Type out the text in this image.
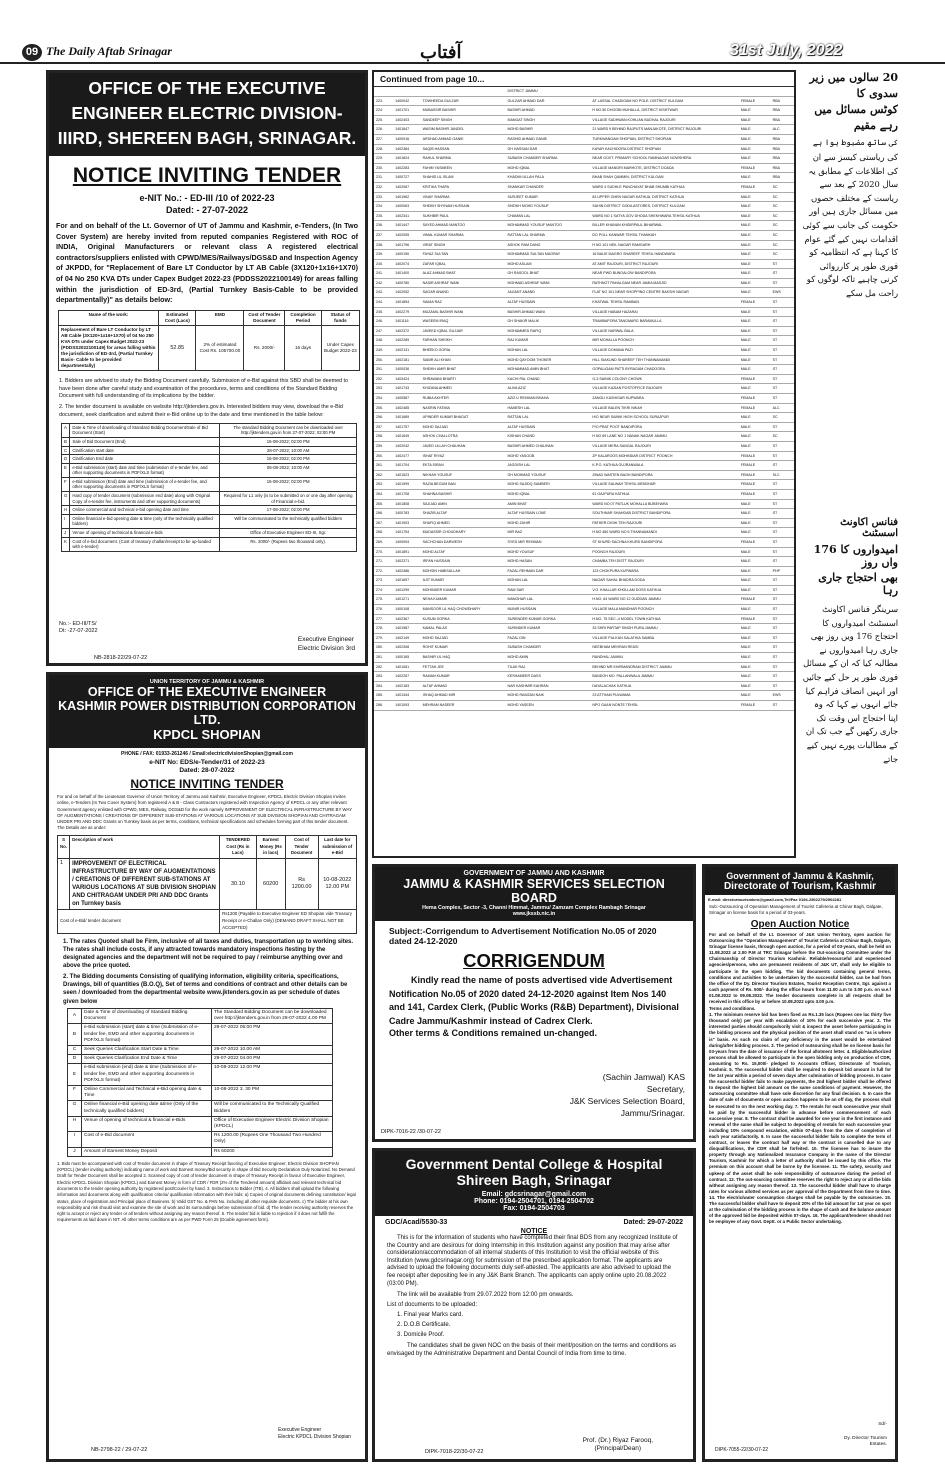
09 The Daily Aftab Srinagar	آفتاب	31st July, 2022
OFFICE OF THE EXECUTIVE ENGINEER ELECTRIC DIVISION-IIIRD, SHEREEN BAGH, SRINAGAR.
NOTICE INVITING TENDER
e-NIT No.: - ED-III /10 of 2022-23
Dated: - 27-07-2022
For and on behalf of the Lt. Governor of UT of Jammu and Kashmir, e-Tenders, (In Two Cover System) are hereby invited from reputed companies Registered with ROC of INDIA, Original Manufacturers or relevant class A registered electrical contractors/suppliers enlisted with CPWD/MES/Railways/DGS&D and Inspection Agency of JKPDD, for "Replacement of Bare LT Conductor by LT AB Cable (3X120+1x16+1X70) of 04 No 250 KVA DTs under Capex Budget 2022-23 (PDDSS2022100149) for areas falling within the jurisdiction of ED-3rd, (Partial Turnkey Basis-Cable to be provided departmentally)" as details below:
Name of the work:	Estimated Cost (Lacs)	EMD	Cost of Tender Document	Completion Period	Status of funds
Replacement of Bare LT Conductor by LT AB Cable (3X120+1x16+1X70) of 04 No 250 KVA DTs under Capex Budget 2022-23 (PDDSS2022100149) for areas falling within the jurisdiction of ED-3rd, (Partial Turnkey Basis- Cable to be provided departmentally)	52.85	2% of estimated Cost Rs. 105700.00	Rs. 2000/-	15 days	Under Capex Budget 2022-23
1. Bidders are advised to study the Bidding Document carefully. Submission of e-Bid against this SBD shall be deemed to have been done after careful study and examination of the procedures, terms and conditions of the Standard Bidding Document with full understanding of its implications by the bidder.
2. The tender document is available on website http://jktenders.gov.in. Interested bidders may view, download the e-Bid document, seek clarification and submit their e-Bid online up to the date and time mentioned in the table below:
A	Date & Time of downloading of Standard Bidding Document/Sale of Bid Document (Start)	The standard Bidding Document can be downloaded over http://jktenders.gov.in from 27-07-2022; 02:00 PM
B	Sale of Bid Document (End)	16-08-2022; 02:00 PM
C	Clarification start date	28-07-2022; 10:00 AM
D	Clarification End date	16-08-2022; 02:00 PM
E	e-Bid submission (start) date and time (submission of e-tender fee, and other supporting documents in PDF/XLS format)	06-08-2022; 10:00 AM
F	e-Bid submission (End) date and time (submission of e-tender fee, and other supporting documents in PDF/XLS format)	16-08-2022; 02:00 PM
G	Hard copy of tender document (submission end date) along with Original Copy of e-tender fee, instruments and other supporting documents)	Required for L1 only (is to be submitted on or one day after opening of Financial e-bid.
H	Online commercial and technical e-bid opening date and time	17-08-2022; 02:00 PM
I	Online financial e-bid opening date & time (only of the technically qualified bidders)	Will be communicated to the technically qualified bidders
J	Venue of opening of technical & financial e-bids	Office of Executive Engineer ED-III, Sgr.
K	Cost of e-bid document. (Cost of treasury challan/receipt to be up-loaded with e-tender)	Rs. 2000/- (Rupees two thousand only).
No.:- ED-III/TS/
Dt: -27-07-2022
Executive Engineer
Electric Division 3rd
NB-2818-22/29-07-22
UNION TERRITORY OF JAMMU & KASHMIR
OFFICE OF THE EXECUTIVE ENGINEER
KASHMIR POWER DISTRIBUTION CORPORATION LTD.
KPDCL SHOPIAN
PHONE / FAX: 01933-261246 / Email:electricdivisionShopian@gmail.com
e-NIT No: EDS/e-Tender/31 of 2022-23
Dated: 28-07-2022
NOTICE INVITING TENDER
For and on behalf of the Lieutenant Governor of Union Territory of Jammu and Kashmir, Executive Engineer, KPDCL Electric Division Shopian invites online, e-Tenders (In Two Cover System) from registered A & B - Class Contractors registered with Inspection Agency of KPDCL or any other relevant Government agency enlisted with CPWD, MES, Railway, DGS&D for the work namely IMPROVEMENT OF ELECTRICAL INFRASTRUCTURE BY WAY OF AUGMENTATIONS / CREATIONS OF DIFFERENT SUB-STATIONS AT VARIOUS LOCATIONS AT SUB DIVISION SHOPIAN AND CHITRAGAM UNDER PRI AND DDC Grants on Turnkey basis as per terms, conditions, technical specifications and schedules forming part of this tender document. The Details are as under:
S No.	Description of work	TENDERED Cost (Rs in Lacs)	Earnest Money (Rs in lacs)	Cost of Tender Document	Last date for submission of e-Bid
1	IMPROVEMENT OF ELECTRICAL INFRASTRUCTURE BY WAY OF AUGMENTATIONS / CREATIONS OF DIFFERENT SUB-STATIONS AT VARIOUS LOCATIONS AT SUB DIVISION SHOPIAN AND CHITRAGAM UNDER PRI AND DDC Grants on Turnkey basis	30.10	60200	Rs 1200.00	10-08-2022 12.00 PM
Cost of e-Bid/ tender document		Rs1200 (Payable to Executive Engineer ED Shopian vide Treasury Receipt or e-Challan Only) (DEMAND DRAFT SHALL NOT BE ACCEPTED)			
1. The rates Quoted shall be Firm, inclusive of all taxes and duties, transportation up to working sites. The rates shall include costs, if any attracted towards mandatory inspections /testing by the designated agencies and the department will not be required to pay / reimburse anything over and above the price quoted.
2. The Bidding documents Consisting of qualifying information, eligibility criteria, specifications, Drawings, bill of quantities (B.O.Q), Set of terms and conditions of contract and other details can be seen / downloaded from the departmental website www.jktenders.gov.in as per schedule of dates given below
A	Date & Time of downloading of Standard Bidding Document	The Standard Bidding Document can be downloaded over http://jktenders.gov.in from 28-07-2022 4.00 PM
B	e-Bid submission (start) date & time (Submission of e-tender fee, EMD and other supporting documents in PDF/XLS format)	29-07-2022 05:00 PM
C	Seek Queries Clarification Start Date & Time	29-07-2022 10.00 AM
D	Seek Queries Clarification End Date & Time	29-07-2022 04.00 PM
E	e-Bid submission (end) date & time (Submission of e-tender fee, EMD and other supporting documents in PDF/XLS format)	10-08-2022 12.00 PM
F	Online Commercial and Technical e-Bid opening date & Time	10-08-2022 3. 30 PM
G	Online financial e-Bid opening date &time (Only of the technically qualified bidders)	Will be communicated to the Technically Qualified Bidders
H	Venue of opening of technical & financial e-Bids	Office of Executive Engineer Electric Division Shopian (KPDCL)
I	Cost of e-Bid document	Rs 1200.00 (Rupees One Thousand Two Hundred Only)
J	Amount of Earnest Money Deposit	Rs 60200
1. Bids must be accompanied with cost of Tender document in shape of Treasury Receipt favoring of Executive Engineer, Electric Division SHOPIAN (KPDCL) (tender inviting authority) indicating name of work and Earnest money/Bid security in shape of Bid Security Declaration Duly Notarized. No Demand Draft for Tender Document shall be accepted 2. Scanned copy of cost of tender document in shape of Treasury Receipt in favour of Executive Engineer, Electric KPDCL Division Shopian (KPDCL) and Earnest Money in form of CDR / FDR (2% of the Tendered amount) affidavit and relevant technical bid documents to the tender opening authority by registered post/Courier by hand. 3. Instructions to Bidder (ITB). 4. All bidders shall upload the following information and documents along with qualification criteria/ qualification information with their bids: a) Copies of original documents defining constitution/ legal status, place of registration and Principal place of Business. b) Valid GST No. & PAN No. including all other requisite documents. c) The bidder at his own responsibility and risk should visit and examine the site of work and its surroundings before submission of bid. d) The tender receiving authority reserves the right to accept or reject any tender or all tenders without assigning any reason thereof. 5. The tender/ bid is liable to rejection if it does not fulfill the requirements as laid down in NIT. All other terms conditions are as per PWD Form 25 (Double agreement form).
Executive Engineer
Electric KPDCL Division Shopian
NB-2798-22 / 29-07-22
Continued from page 10...
			DISTRICT JAMMU			
223.	1400042	TOWHEEDA GULZAR	GULZAR AHMAD DAR	AT LASSAL CHADIGAM NO POLE, DISTRICT KULGAM	FEMALE	RBA
224.	1401701	MUBASSIR BASHIR	BASHIR AHMAD	H NO 50 DHOOBI MUHALLA, DISTRICT KISHTWAR	MALE	RBA
225.	1402403	SANDEEP SINGH	MANGAT SINGH	VILLAGE SADHWAN KOHLIAN BUDHAL RAJOURI	MALE	RBA
226.	1401847	WASIM BASHIR JANDEL	MOHD BASHIR	21 WARD 9 BEHIND RAJPUTS MANJAKOTE, DISTRICT RAJOURI	MALE	ALC
227.	1400916	ARSHAD AHMAD GANIE	RASHID AHMAD GANIE	TURKWANGAM SHOPIAN, DISTRICT SHOPIAN	MALE	RBA
228.	1402384	SAQIB HASSAN	GH HASSAN DAR	KAYAR KACHIDORA DISTRICT SHOPIAN	MALE	RBA
229.	1401824	RAHUL SHARMA	SUBASH CHANDER SHARMA	NEAR GOVT. PRIMARY SCHOOL RAMNAGAR NOWSHERA	MALE	RBA
230.	1402283	FAHIM YASMEEN	MOHD IQBAL	VILLAGE MANGRI MARHOTE, DISTRICT DOADA	FEMALE	RBA
231.	1400727	SHAHID UL ISLAM	KHADIM ULLAH PALA	BHAB SHAH QAMMIN, DISTRICT KULGAM	MALE	RBA
232.	1402087	KRITIKA THAPA	SHANKAR CHANDER	WARD 4 SUDHLE PANCHAYAT BHAB SHUMBI KATHUA	FEMALE	SC
233.	1401962	VINAY SHARMA	SURJEET KUMAR	83 UPPER GHEN NAGAR KATHUA, DISTRICT KATHUA	MALE	SC
234.	1400063	SHEIKH SHYNAM HUSSAIN	SHEIKH MOHD YOUSUF	SAHIN DISTRICT GODA ASTORES, DISTRICT KULGAM	MALE	SC
235.	1402341	SUKHBIR PAUL	CHAMAN LAL	WARD NO 1 SATYA GOV DHODA SHEKHWARA TEHSIL KATHUA	MALE	SC
236.	1401447	SAYED AHMAD MANTOO	MOHAMMAD YOUSUF MANTOO	BILLER KHANAN KHIDIRPAUL BIHARWAL	MALE	SC
237.	1402055	VIMAL KUMAR SHARMA	RATTAN LAL SHARMA	DO POLL KANWAR TEHSIL THANKAH	MALE	SC
238.	1401796	VIRAT SINGH	ASHOK RAM DANG	H NO 101 NEIL NAGAR RAMGARH	MALE	SC
239.	1400190	FAYAZ SULTAN	MOHAMMAD SULTAN MAGRAY	16 BALIE MAGRO SHAREEF TEHSIL HANDWARA	MALE	SC
240.	1402074	ZAFAR IQBAL	MOHD ASLAM	AT AMIT RAJOURI, DISTRICT RAJOURI	MALE	ST
241.	1401400	ALAZ AHMAD BHAT	GH RASOOL BHAT	NEAR PWD BUNGALOW BANDIPORA	MALE	ST
242.	1400780	NASIR ASHRAF WANI	MOHMAD ASHRAF WANI	RATHNOT PAHALGAM NEAR JAMIA MASJID	MALE	ST
243.	1402052	SAGAR ANAND	JAIJANT ANAND	FLAT NO 101 NEAR SHOPPING CENTRE BAKSHI NAGAR	MALE	EWS
244.	1401854	SAIMA RAZ	ALTAF HUSSAIN	KHATWAL TEHSIL RAMBAN	FEMALE	ST
245.	1402279	MUZAMIL BASHIR WANI	BASHIR AHMAD WANI	VILLAGE HABAM HAZARAI	MALE	ST
246.	1401116	WASEEM IRAQ	GH SHAKIR MALIK	TRAMBAPORA TANGMARG BARAMULLA	MALE	ST
247.	1402372	JAVEED IQBAL GUJJAR	MOHAMMED RAFIQ	VILLAGE NARWAL BALA	MALE	ST
248.	1402289	FARHAN SHEIKH	RAJ KUMAR	MIR MOHALLA POONCH	MALE	ST
249.	1402131	BHEEKO GORIA	MOHAN LAL	VILLAGE DOMANA PAZI	MALE	ST
250.	1402181	SABIR ALI KHAN	MOHD QAYOOM THOKER	HILL SIAKUND SHAREEF TEH THANNAMANDI	MALE	ST
251.	1400036	SHEIKH AMIR BHAT	MOHAMMAD AMIN BHAT	GOPALIGAM PATTI BYRAGAM CHADOORA	MALE	ST
252.	1403424	SHRAWANI BHARTI	KACHI PAL CHAND	G-3 SAINIK COLONY CHOWK	FEMALE	ST
253.	1401743	KHIZANA AHMED	ALIVA AZIZ	VILLAGE KAZIAN POSTOFFICE RAJOURI	MALE	ST
254.	1400587	RUBIA AKHTER	AZIZ U REHMAN BHAHA	ZANGLI KASHIGAR KUPWARA	FEMALE	ST
255.	1402485	NASRIN FATIMA	HAMESH LAL	VILLAGE BALEN TIKRI NIKAH	FEMALE	ALC
256.	1401689	UPINDER KUMAR BHAGAT	RATTAN LAL	H/O NEAR SAINIK HIGH SCHOOL SURAJPUR	MALE	SC
257.	1401757	MOHD SAJJAD	ALTAF HUSSAIN	P/O PRAT POOT BANDIPORA	MALE	ST
258.	1401649	ASHOK CHALLOTRA	KISHAN CHAND	H NO 69 LANE NO 1 NANAK NAGAR JAMMU	MALE	SC
259.	1402042	JAVED ULLAH CHAUHAN	BASHIR AHMED CHAUHAN	VILLAGE MERA SANGAL RAJOURI	MALE	ST
260.	1402477	ISHAT RIYAZ	MOHD YASOOB	ZP KALAROOS MOHINDAR DISTRICT POONCH	FEMALE	ST
261.	1401704	EKTA SIRAN	JAGDISH LAL	K.P.O. KATHUA GUJRANWALA	FEMALE	ST
262.	1401523	NIKHAH YOUSUF	GH MOHMAD YOUSUF	ZINAD WASTEN BAGH BANDIPORA	FEMALE	SLC
263.	1401999	RAZIA BEGUM BAN	MOHD SAJIDQ SAMBERI	VILLAGE SALWAH TEHSIL MENDHAR	FEMALE	ST
264.	1401708	SHAHNA BASHIR	MOHD IQBAL	61 GAJPURA KATHUA	FEMALE	ST
265.	1401808	SAJIJAD AMIN	AMIN BHAT	WARD NO 07 PATLUK MOHALLA BIJBEHARA	MALE	ST
266.	1400783	SHAZIB ALTAF	ALTAF HUSSAIN LONE	SOUTHNAR SHAHDAB DISTRICT BANDIPORA	MALE	ST
267.	1401903	SHAFIQ AHMED	MOHD ZAHIR	PATHER DIGHI TEH RAJOURI	MALE	ST
268.	1401754	MUDASSIR CHOUDHARY	MIR BAZ	H.NO 460 WARD NO 6 THANNAMANDI	MALE	ST
269.	1400094	SACHCHAN DARWESH	SYED MIR REHMAN	ST KHURD SACHNA KHURD BANDIPORA	FEMALE	ST
270.	1401891	MOHD ALTAF	MOHD YOUSUF	POONCH RAJOURI	MALE	ST
271.	1402371	IRFAN HUSSAIN	MOHD HASAN	CHAMBA TEH DISTT RAJOURI	MALE	ST
272.	1402486	MOHSIN HABISULLAH	FAZAL REHMAN DAR	123 CHOKPURA KUPWARA	MALE	PHP
273.	1401697	AJIT KUMAR	MOHAN LAL	NAGAR SAHAL BHADRA DODA	MALE	ST
274.	1401299	MOHINDER KUMAR	RAM SAR	V.O. KHALLAR KHOLLAM DOSS KATHUA	MALE	ST
275.	1401271	NEHA KUMARI	MANOHAR LAL	H.NO. 64 WARD NO 12 GUDDAN JAMMU	FEMALE	ST
276.	1400108	MANSOOR UL HAQ CHOWDHARY	MUNIR HUSSAIN	VILLAGE MALA MANDHAR POONCH	MALE	ST
277.	1402367	KUSUM GORKA	SURENDER KUMAR GORKA	H.NO. 75 SEC.-4 MODEL TOWN KATHUA	FEMALE	ST
278.	1401987	KAMAL PALAS	SURINDER KUMAR	33 SHRI PARTAP SINGH PURA JAMMU	MALE	ST
279.	1402149	MOHD SAJJAD	FAZAL DIN	VILLAGE PULKAN SALATHIA SAMBA	MALE	ST
280.	1402308	ROHIT KUMAR	SUBASH CHANDER	NEEBHAM MEHRAN REASI	MALE	ST
281.	1400165	BASHIR UL HAQ	MOHD AMIN	RANDHAL JAMMU	MALE	ST
282.	1401081	FETTAH JEE	TILAK RAJ	BEHIND MR KHIRMANDRAM DISTRICT JAMMU	MALE	ST
283.	1402267	RAMAN KUMAR	KESHAMEER DASS	BANDOH MO. PALLANWALA JAMMU	MALE	ST
284.	1402183	ALTAF AHMAD	NAR KASHMIR KAHRAN	DAYALACHAK KATHUA	MALE	ST
285.	1401344	ISHAQ AHMAD MIR	MOHD RAMZAN NAIK	23 ATTHAM PULWAMA	MALE	EWS
286.	1401093	MEHRAM NASEER	MOHD YASEEN	NPO GAAN NONTE TEHSIL	FEMALE	ST
GOVERNMENT OF JAMMU AND KASHMIR
JAMMU & KASHMIR SERVICES SELECTION BOARD
Hema Complex, Sector -3, Channi Himmat, Jammu/ Zamzam Complex Rambagh Srinagar
www.jkssb.nic.in
Subject:-Corrigendum to Advertisement Notification No.05 of 2020 dated 24-12-2020
CORRIGENDUM
Kindly read the name of posts advertised vide Advertisement Notification No.05 of 2020 dated 24-12-2020 against Item Nos 140 and 141, Cardex Clerk, (Public Works (R&B) Department), Divisional Cadre Jammu/Kashmir instead of Cadrex Clerk.
Other terms & Conditions remained un-changed.
(Sachin Jamwal) KAS
Secretary,
J&K Services Selection Board,
Jammu/Srinagar.
DIPK-7016-22 /30-07-22
Government Dental College & Hospital
Shireen Bagh, Srinagar
Email: gdcsrinagar@gmail.com
Phone: 0194-2504701, 0194-2504702
Fax: 0194-2504703
GDC/Acad/5530-33	Dated: 29-07-2022
NOTICE
This is for the information of students who have completed their final BDS from any recognized Institute of the Country and are desirous for doing Internship in this Institution against any position that may arise after consideration/accommodation of all internal students of this Institution to visit the official website of this Institution (www.gdcsrinagar.org) for submission of the prescribed application format. The applicants are advised to upload the following documents duly self-attested. The applicants are also advised to upload the fee receipt after depositing fee in any J&K Bank Branch. The applicants can apply online upto 20.08.2022 (03:00 PM).
The link will be available from 29.07.2022 from 12:00 pm onwards.
List of documents to be uploaded:
1. Final year Marks card.
2. D.O.B Certificate.
3. Domicile Proof.
The candidates shall be given NOC on the basis of their merit/position on the terms and conditions as envisaged by the Administrative Department and Dental Council of India from time to time.
Prof. (Dr.) Riyaz Farooq,
(Principal/Dean)
DIPK-7018-22/30-07-22
Government of Jammu & Kashmir,
Directorate of Tourism, Kashmir
E-mail: directortourismkmr@gmail.com,Tel/Fax 0194-2502279/2502281
Sub:-Outsourcing of Operation Management of Tourist Cafeteria at Chinar Bagh, Dalgate, Srinagar on license basis for a period of 03-years.
Open Auction Notice
For and on behalf of the Lt. Governor of J&K Union Territory, open auction for Outsourcing the "Operation Management" of Tourist Cafeteria at Chinar Bagh, Dalgate, Srinagar license basis, through open auction, for a period of 03-years, shall be held on 11.08.2022 at 2.00 P.M at TRC Srinagar before the Out-sourcing Committee under the Chairmanship of Director Tourism Kashmir. Reliable/resourceful and experienced agencies/persons, who are permanent residents of J&K UT, shall only be eligible to participate in the open bidding. The bid documents containing general terms, conditions and activities to be undertaken by the successful bidder, can be had from the office of the Dy. Director Tourism Estates, Tourist Reception Centre, Sgr. against a cash payment of Rs. 500/- during the office hours from 11.00 a.m to 3.00 p.m. on w.e.f 01.08.2022 to 09.08.2022. The tender documents complete in all respects shall be received in this office by or before 10.08.2022 upto 3.00 p.m.
Terms and conditions.
1. The minimum reserve bid has been fixed as Rs.1.35 lacs (Rupees one lac thirty five thousand only) per year with escalation of 10% for each successive year. 2. The interested parties should compulsorily visit & inspect the asset before participating in the bidding process and the physical position of the asset shall stand on "as is where is" basis. As such no claim of any deficiency in the asset would be entertained during/after bidding process. 3. The period of outsourcing shall be on license basis for 03-years from the date of issuance of the formal allotment letter. 4. Eligible/authorized persons shall be allowed to participate in the open bidding only on production of CDR, amounting to Rs. 15,000/- pledged to Accounts Officer, Directorate of Tourism, Kashmir. 5. The successful bidder shall be required to deposit bid amount in full for the 1st year within a period of seven days after culmination of bidding process. In case the successful bidder fails to make payments, the 2nd highest bidder shall be offered to deposit the highest bid amount on the same conditions of payment. However, the outsourcing committee shall have sole discretion for any final decision. 6. In case the date of sale of documents or open auction happens to be an off day, the process shall be executed to on the next working day. 7. The rentals for each consecutive year shall be paid by the successful bidder in advance before commencement of each successive year. 8. The contract shall be awarded for one year in the first instance and renewal of the same shall be subject to depositing of rentals for each successive year including 10% compound escalation, within 07-days from the date of completion of each year satisfactorily. 9. In case the successful bidder fails to complete the term of contract, or leaves the contract half way or the contract is cancelled due to any disqualifications, the CDR shall be forfeited. 10. The licensee has to insure the property through any Nationalized Insurance Company in the name of the Director Tourism, Kashmir for which a letter of authority shall be issued by this office. The premium on this account shall be borne by the licensee. 11. The safety, security and upkeep of the asset shall be sole responsibility of outsourcee during the period of contract. 12. The out-sourcing committee reserves the right to reject any or all the bids without assigning any reason thereof. 13. The successful bidder shall have to charge rates for various allotted services as per approval of the Department from time to time. 14. The electric/water consumption charges shall be payable by the outsourcee. 15. The successful bidder shall have to deposit 20% of the bid amount for 1st year on spot at the culmination of the bidding process in the shape of cash and the balance amount of the approved bid be deposited within 07-days. 16. The applicant/tenderer should not be employee of any Govt. Deptt. or a Public Sector undertaking.
Sd/-
Dy. Director Tourism
Estates.
DIPK-7055-22/30-07-22
20 سالوں میں زیر سدوی کا
کوٹس مسائل میں رہے مقیم
کی ساتھ مضبوط ہوا ہے
کی ریاستی کیسز سے ان کی اطلاعات کے مطابق یہ سال 2020 کے بعد سے ریاست کے مختلف حصوں میں مسائل جاری ہیں اور حکومت کی جانب سے کوئی اقدامات نہیں کیے گئے عوام کا کہنا ہے کہ انتظامیہ کو فوری طور پر کارروائی کرنی چاہیے تاکہ لوگوں کو راحت مل سکے
فنانس اکاونٹ اسسٹنٹ
امیدواروں کا 176 واں روز
بھی احتجاج جاری رہا
سرینگر فنانس اکاونٹ اسسٹنٹ امیدواروں کا احتجاج 176 ویں روز بھی جاری رہا امیدواروں نے مطالبہ کیا کہ ان کے مسائل فوری طور پر حل کیے جائیں اور انہیں انصاف فراہم کیا جائے انہوں نے کہا کہ وہ اپنا احتجاج اس وقت تک جاری رکھیں گے جب تک ان کے مطالبات پورے نہیں کیے جاتے
